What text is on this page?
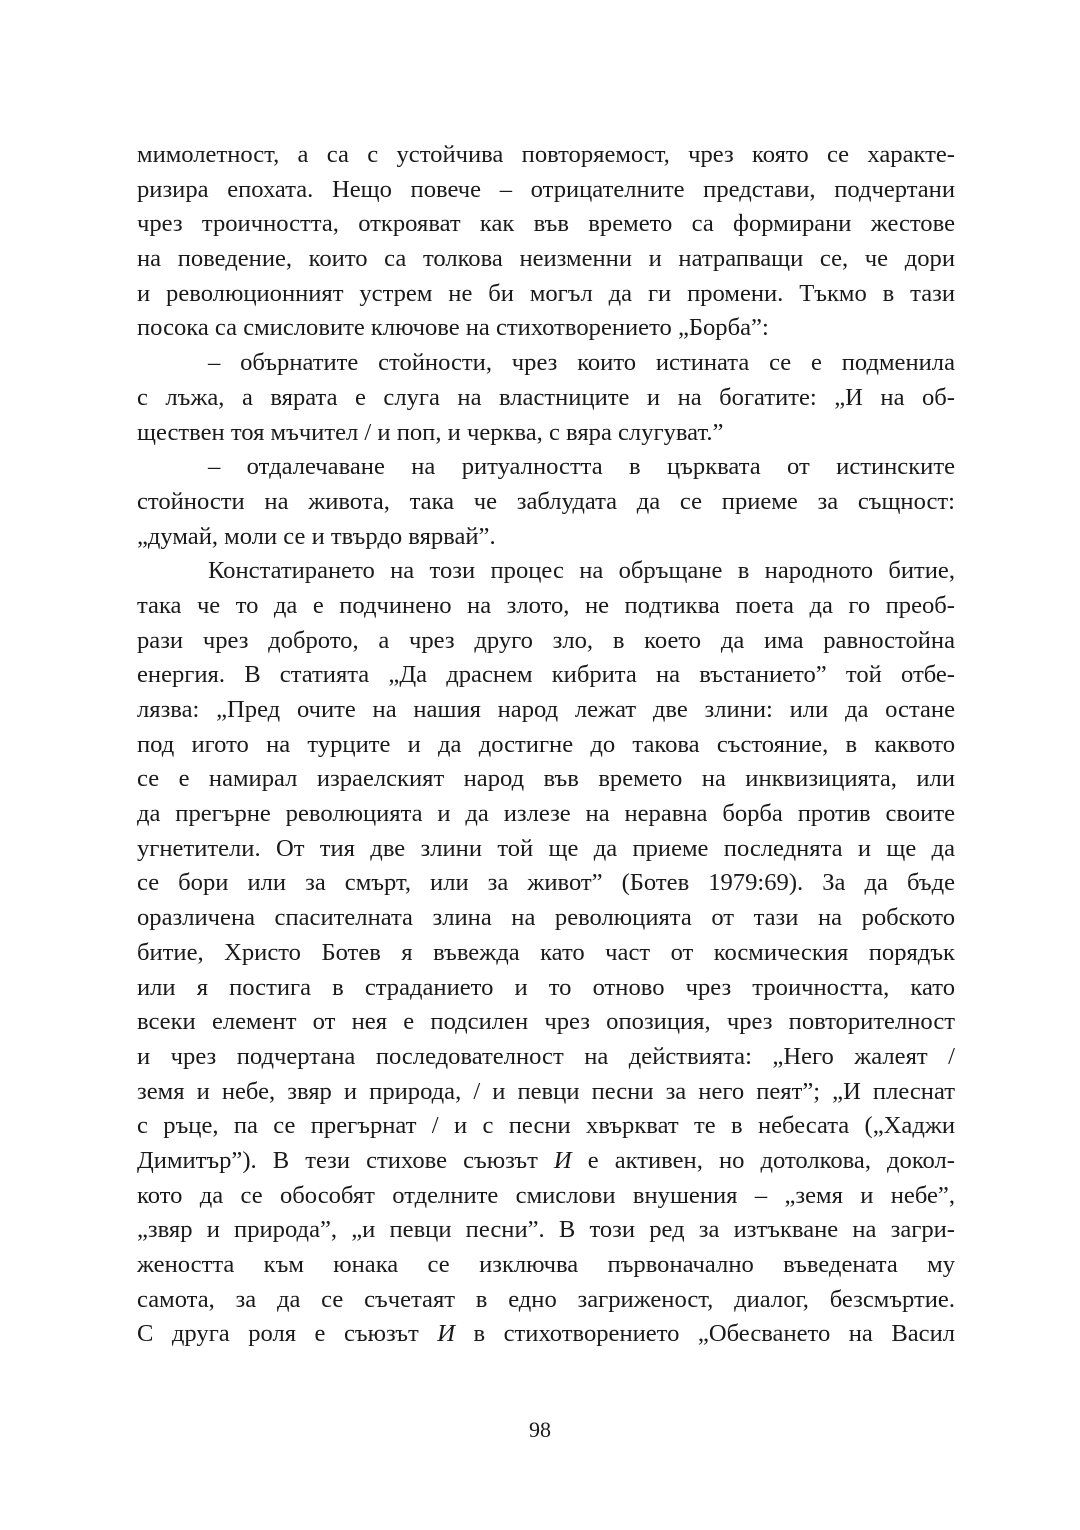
мимолетност, а са с устойчива повторяемост, чрез която се характе-
ризира епохата. Нещо повече – отрицателните представи, подчертани
чрез троичността, открояват как във времето са формирани жестове
на поведение, които са толкова неизменни и натрапващи се, че дори
и революционният устрем не би могъл да ги промени. Тъкмо в тази
посока са смисловите ключове на стихотворението „Борба”:
– обърнатите стойности, чрез които истината се е подменила
с лъжа, а вярата е слуга на властниците и на богатите: „И на об-
ществен тоя мъчител / и поп, и черква, с вяра слугуват.”
– отдалечаване на ритуалността в църквата от истинските
стойности на живота, така че заблудата да се приеме за същност:
„думай, моли се и твърдо вярвай”.
Констатирането на този процес на обръщане в народното битие,
така че то да е подчинено на злото, не подтиква поета да го преоб-
рази чрез доброто, а чрез друго зло, в което да има равностойна
енергия. В статията „Да драснем кибрита на въстанието” той отбе-
лязва: „Пред очите на нашия народ лежат две злини: или да остане
под игото на турците и да достигне до такова състояние, в каквото
се е намирал израелският народ във времето на инквизицията, или
да прегърне революцията и да излезе на неравна борба против своите
угнетители. От тия две злини той ще да приеме последнята и ще да
се бори или за смърт, или за живот” (Ботев 1979:69). За да бъде
оразличена спасителната злина на революцията от тази на робското
битие, Христо Ботев я въвежда като част от космическия порядък
или я постига в страданието и то отново чрез троичността, като
всеки елемент от нея е подсилен чрез опозиция, чрез повторителност
и чрез подчертана последователност на действията: „Него жалеят /
земя и небе, звяр и природа, / и певци песни за него пеят”; „И плеснат
с ръце, па се прегърнат / и с песни хвъркват те в небесата („Хаджи
Димитър”). В тези стихове съюзът И е активен, но дотолкова, докол-
кото да се обособят отделните смислови внушения – „земя и небе”,
„звяр и природа”, „и певци песни”. В този ред за изтъкване на загри-
жеността към юнака се изключва първоначално въведената му
самота, за да се съчетаят в едно загриженост, диалог, безсмъртие.
С друга роля е съюзът И в стихотворението „Обесването на Васил
98
